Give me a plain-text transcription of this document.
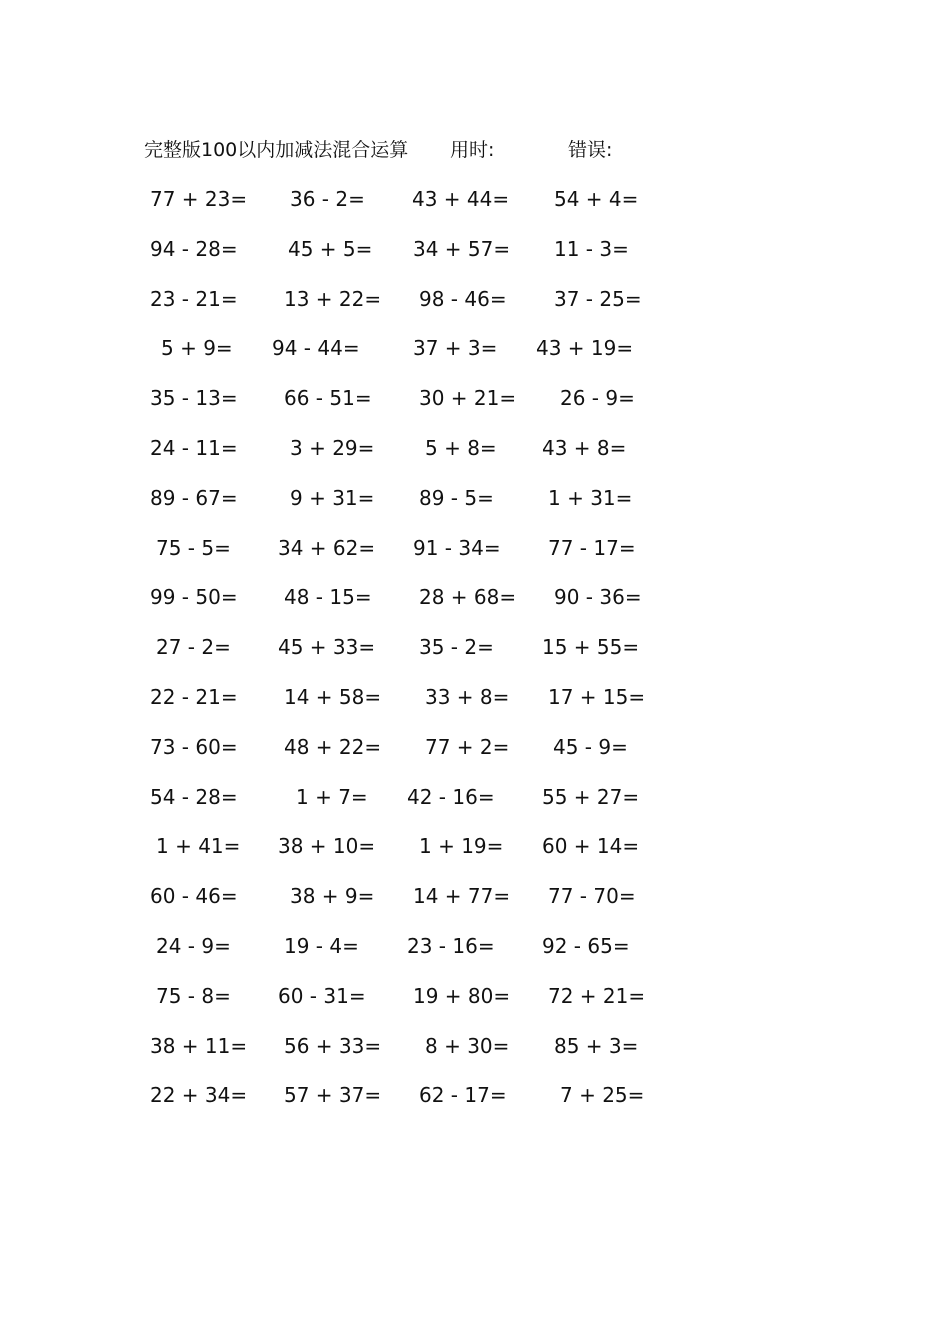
完整版100以内加减法混合运算 用时:	错误:
77 + 23= 36 - 2= 43 + 44= 54 + 4=
94 - 28=	45 + 5= 34 + 57= 11 - 3=
23 - 21= 13 + 22= 98 - 46= 37 - 25=
5 + 9= 94 - 44=	37 + 3= 43 + 19=
35 - 13= 66 - 51= 30 + 21= 26 - 9=
24 - 11=	3 + 29=	5 + 8= 43 + 8=
89 - 67=	9 + 31= 89 - 5=	1 + 31=
75 - 5= 34 + 62= 91 - 34= 77 - 17=
99 - 50= 48 - 15= 28 + 68= 90 - 36=
27 - 2= 45 + 33= 35 - 2= 15 + 55=
22 - 21= 14 + 58= 33 + 8= 17 + 15=
73 - 60= 48 + 22= 77 + 2= 45 - 9=
54 - 28=	1 + 7= 42 - 16= 55 + 27=
1 + 41= 38 + 10= 1 + 19= 60 + 14=
60 - 46=	38 + 9= 14 + 77= 77 - 70=
24 - 9=	19 - 4= 23 - 16= 92 - 65=
75 - 8= 60 - 31= 19 + 80= 72 + 21=
38 + 11= 56 + 33= 8 + 30= 85 + 3=
22 + 34= 57 + 37= 62 - 17=	7 + 25=
